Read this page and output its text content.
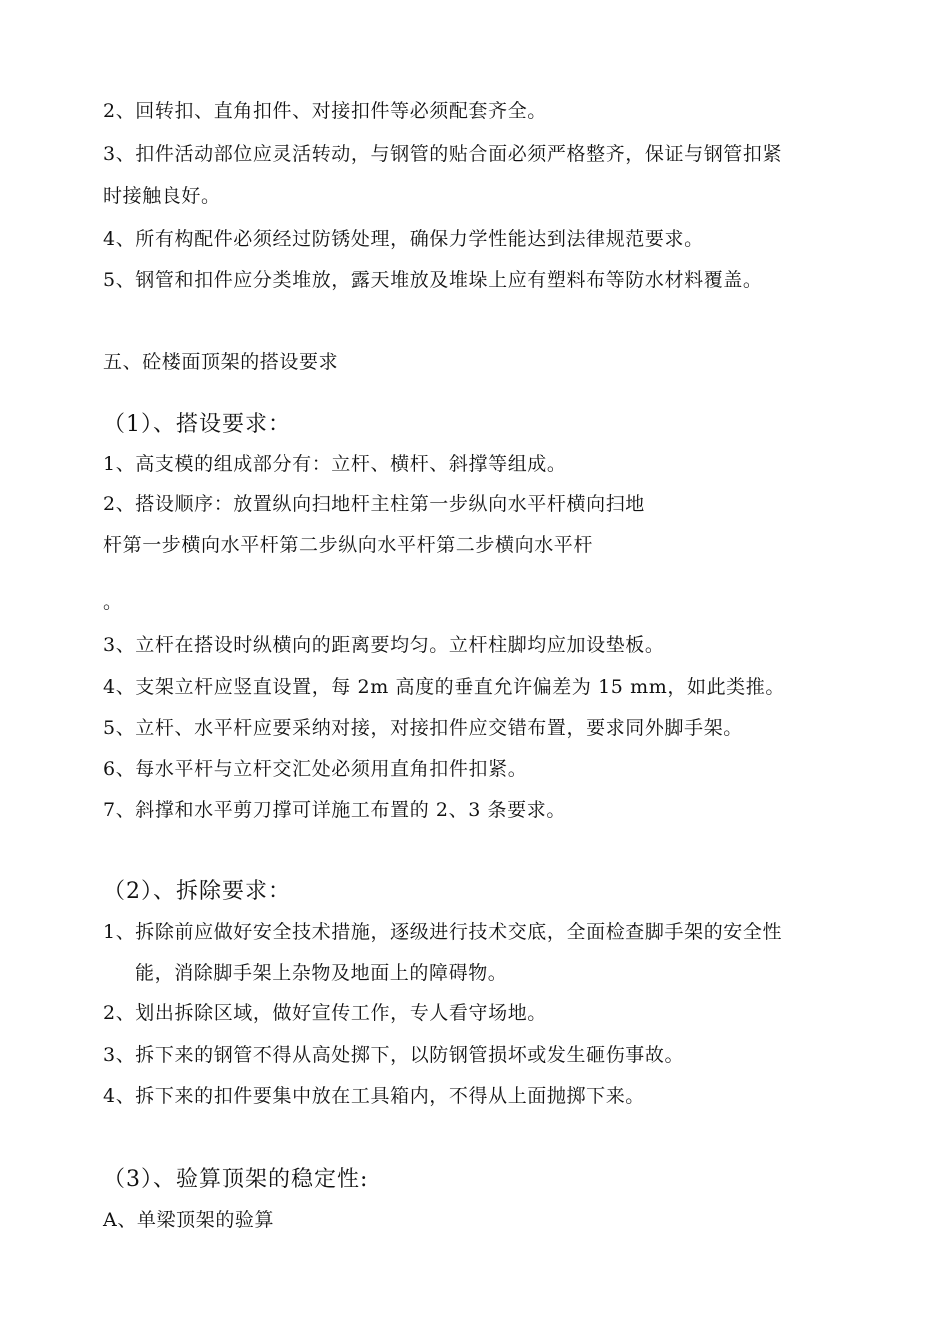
2、回转扣、直角扣件、对接扣件等必须配套齐全。
3、扣件活动部位应灵活转动，与钢管的贴合面必须严格整齐，保证与钢管扣紧
时接触良好。
4、所有构配件必须经过防锈处理，确保力学性能达到法律规范要求。
5、钢管和扣件应分类堆放，露天堆放及堆垛上应有塑料布等防水材料覆盖。
五、砼楼面顶架的搭设要求
（1）、搭设要求：
1、高支模的组成部分有：立杆、横杆、斜撑等组成。
2、搭设顺序：放置纵向扫地杆主柱第一步纵向水平杆横向扫地
杆第一步横向水平杆第二步纵向水平杆第二步横向水平杆
。
3、立杆在搭设时纵横向的距离要均匀。立杆柱脚均应加设垫板。
4、支架立杆应竖直设置，每 2m 高度的垂直允许偏差为 15 mm，如此类推。
5、立杆、水平杆应要采纳对接，对接扣件应交错布置，要求同外脚手架。
6、每水平杆与立杆交汇处必须用直角扣件扣紧。
7、斜撑和水平剪刀撑可详施工布置的 2、3 条要求。
（2）、拆除要求：
1、拆除前应做好安全技术措施，逐级进行技术交底，全面检查脚手架的安全性
能，消除脚手架上杂物及地面上的障碍物。
2、划出拆除区域，做好宣传工作，专人看守场地。
3、拆下来的钢管不得从高处掷下，以防钢管损坏或发生砸伤事故。
4、拆下来的扣件要集中放在工具箱内，不得从上面抛掷下来。
（3）、验算顶架的稳定性:
A、单梁顶架的验算
